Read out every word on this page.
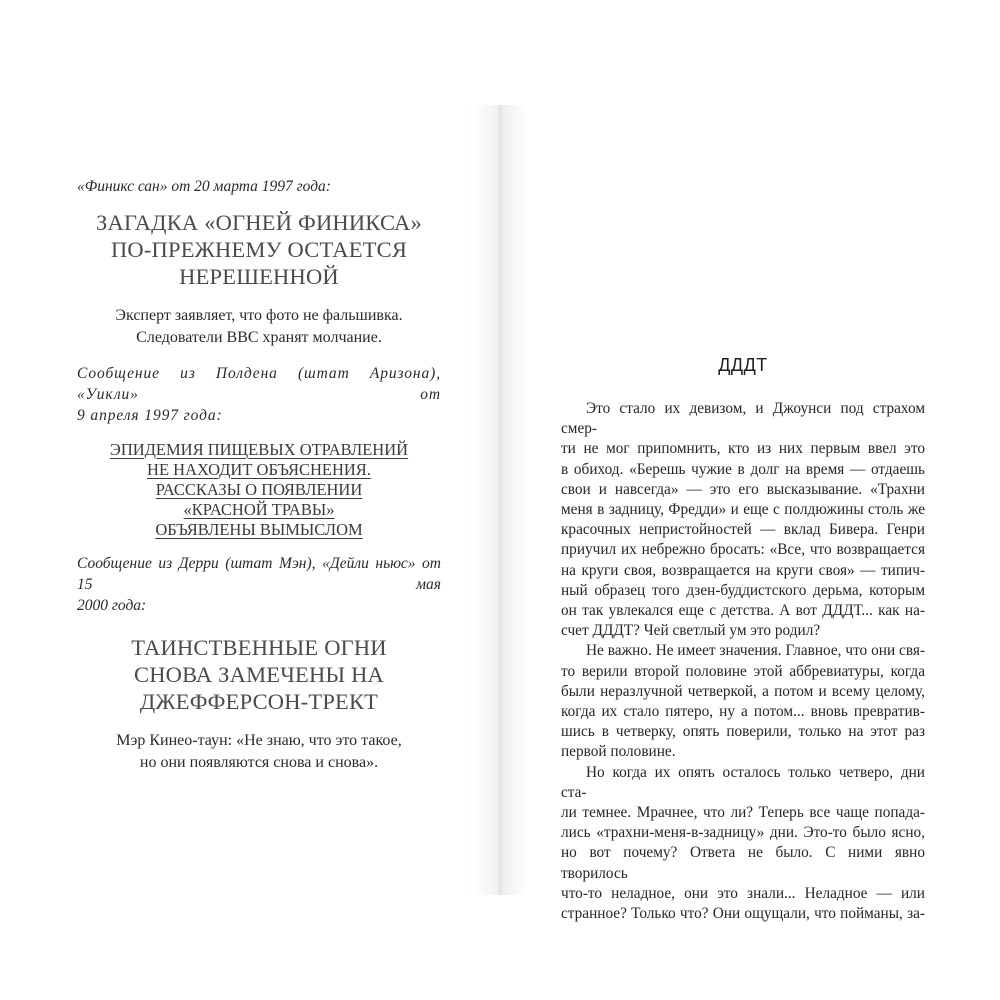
«Финикс сан» от 20 марта 1997 года:

ЗАГАДКА «ОГНЕЙ ФИНИКСА»
ПО-ПРЕЖНЕМУ ОСТАЕТСЯ
НЕРЕШЕННОЙ
Эксперт заявляет, что фото не фальшивка.
Следователи ВВС хранят молчание.
Сообщение из Полдена (штат Аризона), «Уикли» от
9 апреля 1997 года:
ЭПИДЕМИЯ ПИЩЕВЫХ ОТРАВЛЕНИЙ
НЕ НАХОДИТ ОБЪЯСНЕНИЯ.
РАССКАЗЫ О ПОЯВЛЕНИИ
«КРАСНОЙ ТРАВЫ»
ОБЪЯВЛЕНЫ ВЫМЫСЛОМ
Сообщение из Дерри (штат Мэн), «Дейли ньюс» от 15 мая
2000 года:
ТАИНСТВЕННЫЕ ОГНИ
СНОВА ЗАМЕЧЕНЫ НА
ДЖЕФФЕРСОН-ТРЕКТ
Мэр Кинео-таун: «Не знаю, что это такое,
но они появляются снова и снова».
ДДДТ
Это стало их девизом, и Джоунси под страхом смер-
ти не мог припомнить, кто из них первым ввел это
в обиход. «Берешь чужие в долг на время — отдаешь
свои и навсегда» — это его высказывание. «Трахни
меня в задницу, Фредди» и еще с полдюжины столь же
красочных непристойностей — вклад Бивера. Генри
приучил их небрежно бросать: «Все, что возвращается
на круги своя, возвращается на круги своя» — типич-
ный образец того дзен-буддистского дерьма, которым
он так увлекался еще с детства. А вот ДДДТ... как на-
счет ДДДТ? Чей светлый ум это родил?
Не важно. Не имеет значения. Главное, что они свя-
то верили второй половине этой аббревиатуры, когда
были неразлучной четверкой, а потом и всему целому,
когда их стало пятеро, ну а потом... вновь превратив-
шись в четверку, опять поверили, только на этот раз
первой половине.
Но когда их опять осталось только четверо, дни ста-
ли темнее. Мрачнее, что ли? Теперь все чаще попада-
лись «трахни-меня-в-задницу» дни. Это-то было ясно,
но вот почему? Ответа не было. С ними явно творилось
что-то неладное, они это знали... Неладное — или
странное? Только что? Они ощущали, что пойманы, за-
